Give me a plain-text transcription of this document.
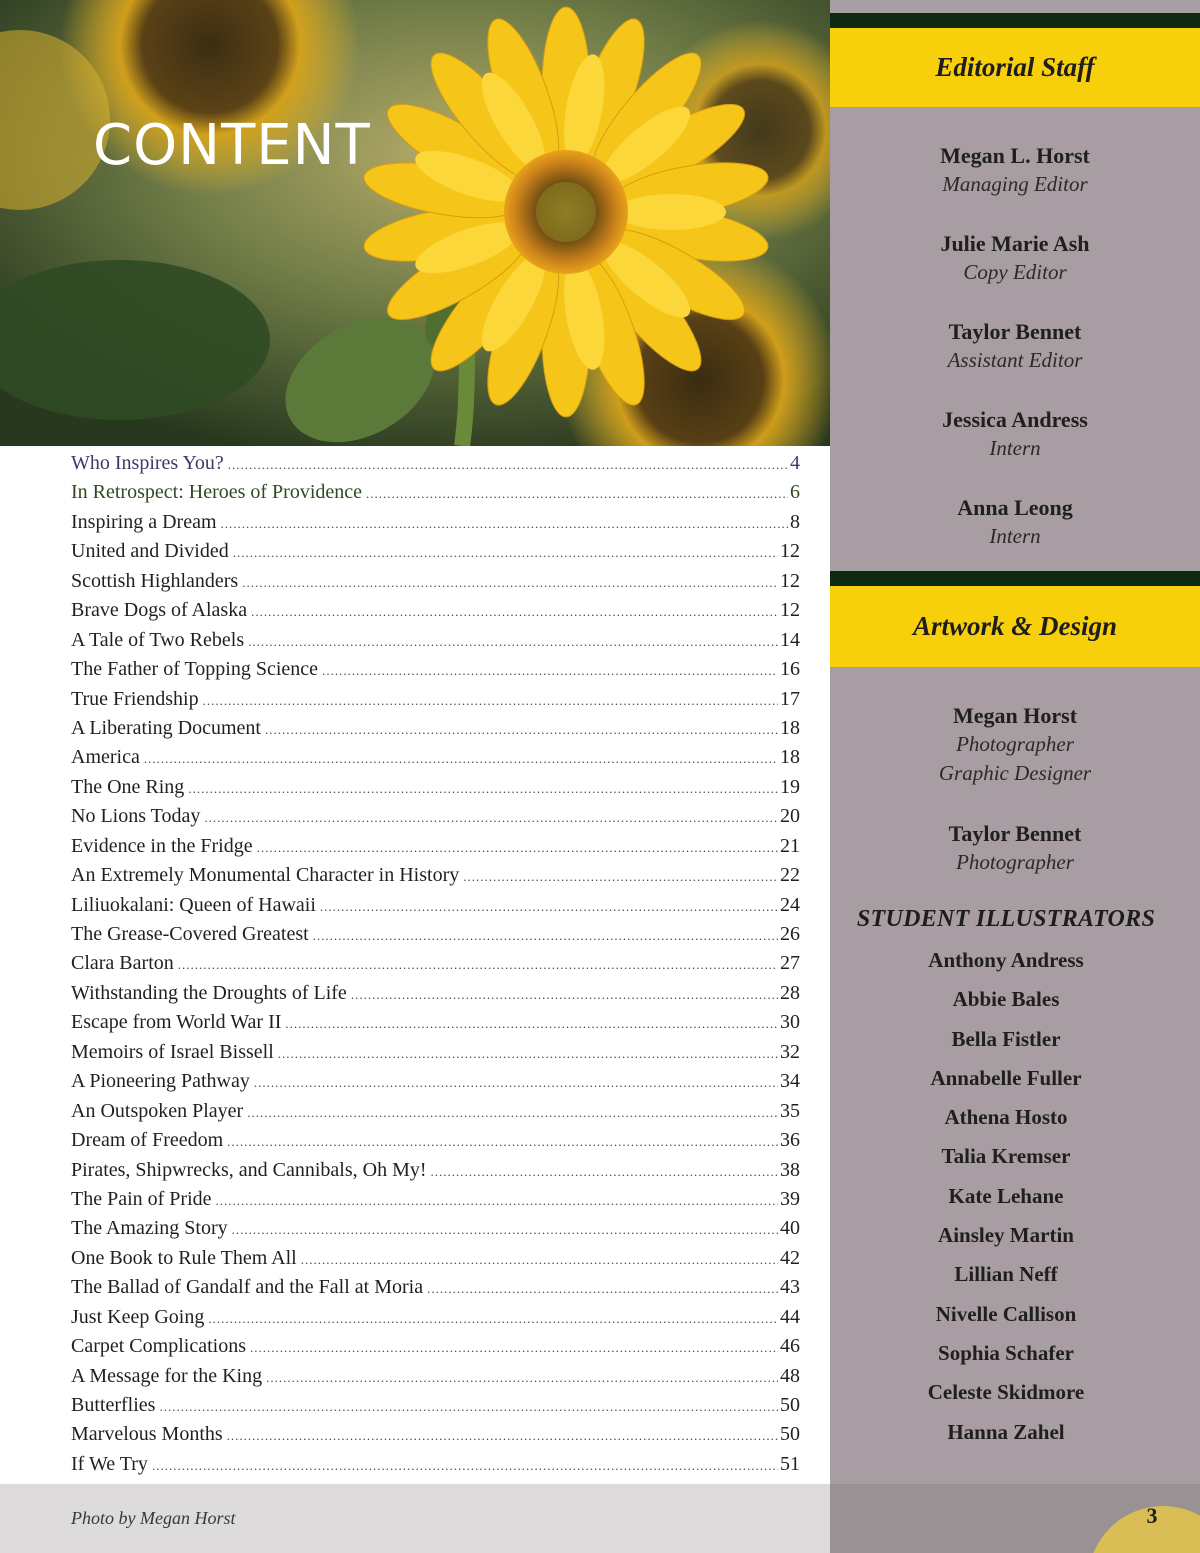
CONTENT
Who Inspires You? .....	4
In Retrospect: Heroes of Providence .....	6
Inspiring a Dream .....	8
United and Divided .....	12
Scottish Highlanders .....	12
Brave Dogs of Alaska .....	12
A Tale of Two Rebels .....	14
The Father of Topping Science .....	16
True Friendship .....	17
A Liberating Document .....	18
America .....	18
The One Ring .....	19
No Lions Today .....	20
Evidence in the Fridge .....	21
An Extremely Monumental Character in History .....	22
Liliuokalani: Queen of Hawaii .....	24
The Grease-Covered Greatest .....	26
Clara Barton .....	27
Withstanding the Droughts of Life .....	28
Escape from World War II .....	30
Memoirs of Israel Bissell .....	32
A Pioneering Pathway .....	34
An Outspoken Player .....	35
Dream of Freedom .....	36
Pirates, Shipwrecks, and Cannibals, Oh My! .....	38
The Pain of Pride .....	39
The Amazing Story .....	40
One Book to Rule Them All .....	42
The Ballad of Gandalf and the Fall at Moria .....	43
Just Keep Going .....	44
Carpet Complications .....	46
A Message for the King .....	48
Butterflies .....	50
Marvelous Months .....	50
If We Try .....	51
Photo by Megan Horst
Editorial Staff
Megan L. Horst
Managing Editor
Julie Marie Ash
Copy Editor
Taylor Bennet
Assistant Editor
Jessica Andress
Intern
Anna Leong
Intern
Artwork & Design
Megan Horst
Photographer
Graphic Designer
Taylor Bennet
Photographer
STUDENT ILLUSTRATORS
Anthony Andress
Abbie Bales
Bella Fistler
Annabelle Fuller
Athena Hosto
Talia Kremser
Kate Lehane
Ainsley Martin
Lillian Neff
Nivelle Callison
Sophia Schafer
Celeste Skidmore
Hanna Zahel
3
